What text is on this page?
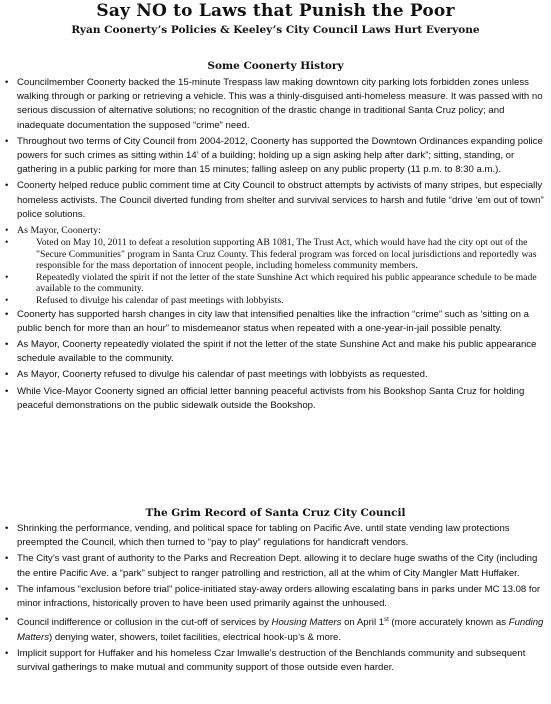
Say NO to Laws that Punish the Poor
Ryan Coonerty’s Policies & Keeley’s City Council Laws Hurt Everyone
Some Coonerty History
• Councilmember Coonerty backed the 15-minute Trespass law making downtown city parking lots forbidden zones unless walking through or parking or retrieving a vehicle. This was a thinly-disguised anti-homeless measure. It was passed with no serious discussion of alternative solutions; no recognition of the drastic change in traditional Santa Cruz policy; and inadequate documentation the supposed “crime” need.
• Throughout two terms of City Council from 2004-2012, Coonerty has supported the Downtown Ordinances expanding police powers for such crimes as sitting within 14’ of a building; holding up a sign asking help after dark”; sitting, standing, or gathering in a public parking for more than 15 minutes; falling asleep on any public property (11 p.m. to 8:30 a.m.).
• Coonerty helped reduce public comment time at City Council to obstruct attempts by activists of many stripes, but especially homeless activists. The Council diverted funding from shelter and survival services to harsh and futile “drive ‘em out of town” police solutions.
• As Mayor, Coonerty:
• Voted on May 10, 2011 to defeat a resolution supporting AB 1081, The Trust Act, which would have had the city opt out of the "Secure Communities" program in Santa Cruz County. This federal program was forced on local jurisdictions and reportedly was responsible for the mass deportation of innocent people, including homeless community members.
• Repeatedly violated the spirit if not the letter of the state Sunshine Act which required his public appearance schedule to be made available to the community.
• Refused to divulge his calendar of past meetings with lobbyists.
• Coonerty has supported harsh changes in city law that intensified penalties like the infraction “crime” such as ‘sitting on a public bench for more than an hour” to misdemeanor status when repeated with a one-year-in-jail possible penalty.
• As Mayor, Coonerty repeatedly violated the spirit if not the letter of the state Sunshine Act and make his public appearance schedule available to the community.
• As Mayor, Coonerty refused to divulge his calendar of past meetings with lobbyists as requested.
• While Vice-Mayor Coonerty signed an official letter banning peaceful activists from his Bookshop Santa Cruz for holding peaceful demonstrations on the public sidewalk outside the Bookshop.
The Grim Record of Santa Cruz City Council
• Shrinking the performance, vending, and political space for tabling on Pacific Ave. until state vending law protections preempted the Council, which then turned to “pay to play” regulations for handicraft vendors.
• The City’s vast grant of authority to the Parks and Recreation Dept. allowing it to declare huge swaths of the City (including the entire Pacific Ave. a “park” subject to ranger patrolling and restriction, all at the whim of City Mangler Matt Huffaker.
• The infamous “exclusion before trial” police-initiated stay-away orders allowing escalating bans in parks under MC 13.08 for minor infractions, historically proven to have been used primarily against the unhoused.
• Council indifference or collusion in the cut-off of services by Housing Matters on April 1st (more accurately known as Funding Matters) denying water, showers, toilet facilities, electrical hook-up’s & more.
• Implicit support for Huffaker and his homeless Czar Imwalle’s destruction of the Benchlands community and subsequent survival gatherings to make mutual and community support of those outside even harder.
